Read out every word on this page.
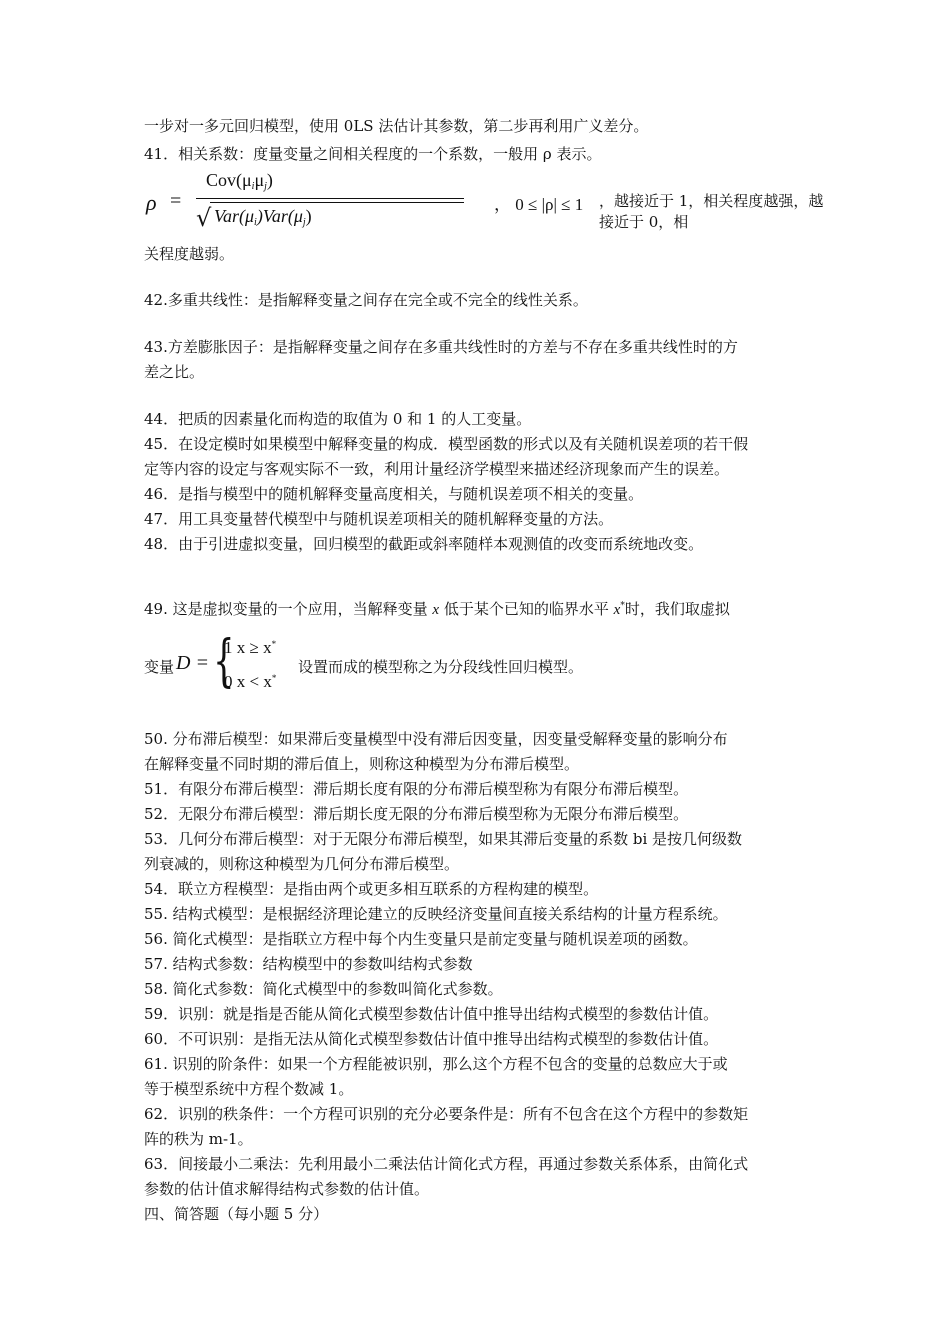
一步对一多元回归模型，使用 0LS 法估计其参数，第二步再利用广义差分。
41．相关系数：度量变量之间相关程度的一个系数，一般用 ρ 表示。
ρ =
$Cov(\mu_i\mu_j)$
√ $Var(\mu_i)Var(\mu_j)$
， 0 ≤ |ρ| ≤ 1 ，越接近于 1，相关程度越强，越接近于 0，相
关程度越弱。
42.多重共线性：是指解释变量之间存在完全或不完全的线性关系。
43.方差膨胀因子：是指解释变量之间存在多重共线性时的方差与不存在多重共线性时的方
差之比。
44．把质的因素量化而构造的取值为 0 和 1 的人工变量。
45．在设定模时如果模型中解释变量的构成．模型函数的形式以及有关随机误差项的若干假
定等内容的设定与客观实际不一致，利用计量经济学模型来描述经济现象而产生的误差。
46．是指与模型中的随机解释变量高度相关，与随机误差项不相关的变量。
47．用工具变量替代模型中与随机误差项相关的随机解释变量的方法。
48．由于引进虚拟变量，回归模型的截距或斜率随样本观测值的改变而系统地改变。
49. 这是虚拟变量的一个应用，当解释变量 x 低于某个已知的临界水平 x*时，我们取虚拟
变量 D = {
1 x ≥ x*
0 x < x*
设置而成的模型称之为分段线性回归模型。
50. 分布滞后模型：如果滞后变量模型中没有滞后因变量，因变量受解释变量的影响分布
在解释变量不同时期的滞后值上，则称这种模型为分布滞后模型。
51．有限分布滞后模型：滞后期长度有限的分布滞后模型称为有限分布滞后模型。
52．无限分布滞后模型：滞后期长度无限的分布滞后模型称为无限分布滞后模型。
53．几何分布滞后模型：对于无限分布滞后模型，如果其滞后变量的系数 bi 是按几何级数
列衰减的，则称这种模型为几何分布滞后模型。
54．联立方程模型：是指由两个或更多相互联系的方程构建的模型。
55. 结构式模型：是根据经济理论建立的反映经济变量间直接关系结构的计量方程系统。
56. 简化式模型：是指联立方程中每个内生变量只是前定变量与随机误差项的函数。
57. 结构式参数：结构模型中的参数叫结构式参数
58. 简化式参数：简化式模型中的参数叫简化式参数。
59．识别：就是指是否能从简化式模型参数估计值中推导出结构式模型的参数估计值。
60．不可识别：是指无法从简化式模型参数估计值中推导出结构式模型的参数估计值。
61. 识别的阶条件：如果一个方程能被识别，那么这个方程不包含的变量的总数应大于或
等于模型系统中方程个数减 1。
62．识别的秩条件：一个方程可识别的充分必要条件是：所有不包含在这个方程中的参数矩
阵的秩为 m-1。
63．间接最小二乘法：先利用最小二乘法估计简化式方程，再通过参数关系体系，由简化式
参数的估计值求解得结构式参数的估计值。
四、简答题（每小题 5 分）
